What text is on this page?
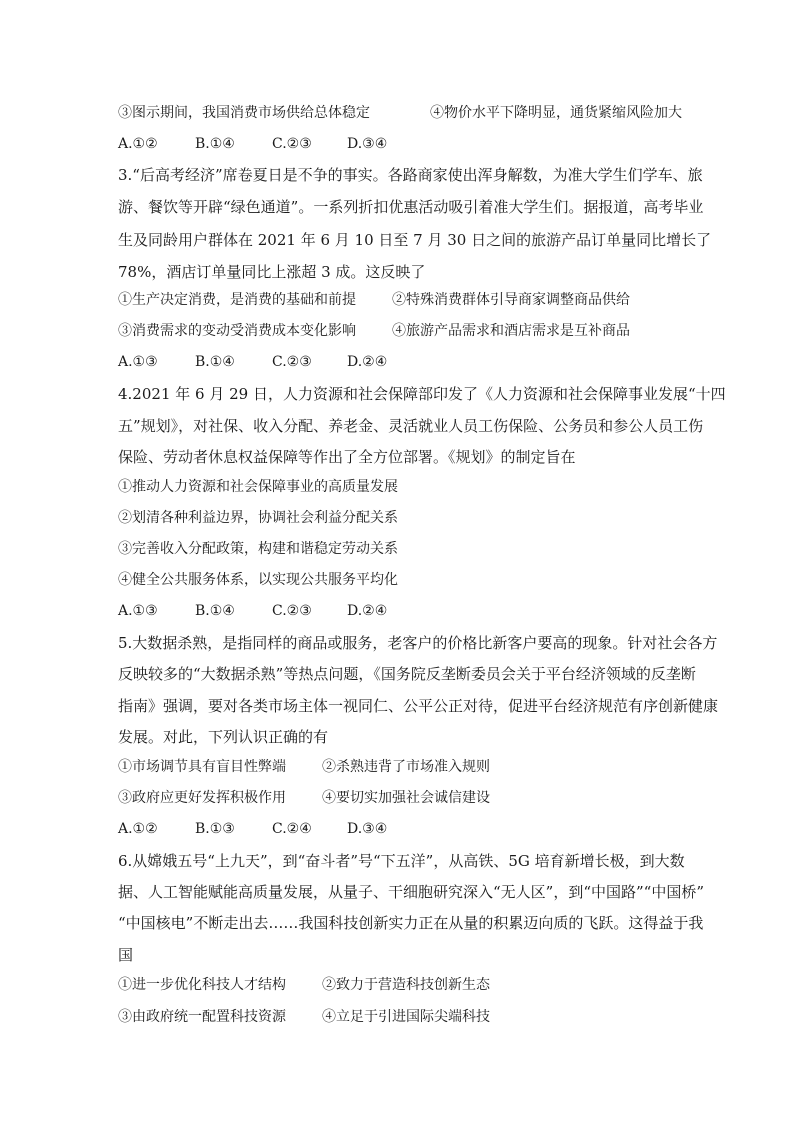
③图示期间，我国消费市场供给总体稳定	④物价水平下降明显，通货紧缩风险加大
A.①②	B.①④	C.②③	D.③④
3.“后高考经济”席卷夏日是不争的事实。各路商家使出浑身解数，为准大学生们学车、旅
游、餐饮等开辟“绿色通道”。一系列折扣优惠活动吸引着准大学生们。据报道，高考毕业
生及同龄用户群体在 2021 年 6 月 10 日至 7 月 30 日之间的旅游产品订单量同比增长了
78%，酒店订单量同比上涨超 3 成。这反映了
①生产决定消费，是消费的基础和前提	②特殊消费群体引导商家调整商品供给
③消费需求的变动受消费成本变化影响	④旅游产品需求和酒店需求是互补商品
A.①③	B.①④	C.②③	D.②④
4.2021 年 6 月 29 日，人力资源和社会保障部印发了《人力资源和社会保障事业发展“十四
五”规划》，对社保、收入分配、养老金、灵活就业人员工伤保险、公务员和参公人员工伤
保险、劳动者休息权益保障等作出了全方位部署。《规划》的制定旨在
①推动人力资源和社会保障事业的高质量发展
②划清各种利益边界，协调社会利益分配关系
③完善收入分配政策，构建和谐稳定劳动关系
④健全公共服务体系，以实现公共服务平均化
A.①③	B.①④	C.②③	D.②④
5.大数据杀熟，是指同样的商品或服务，老客户的价格比新客户要高的现象。针对社会各方
反映较多的“大数据杀熟”等热点问题，《国务院反垄断委员会关于平台经济领域的反垄断
指南》强调，要对各类市场主体一视同仁、公平公正对待，促进平台经济规范有序创新健康
发展。对此，下列认识正确的有
①市场调节具有盲目性弊端	②杀熟违背了市场准入规则
③政府应更好发挥积极作用	④要切实加强社会诚信建设
A.①②	B.①③	C.②④	D.③④
6.从嫦娥五号“上九天”，到“奋斗者”号“下五洋”，从高铁、5G 培育新增长极，到大数
据、人工智能赋能高质量发展，从量子、干细胞研究深入“无人区”，到“中国路”“中国桥”
“中国核电”不断走出去……我国科技创新实力正在从量的积累迈向质的飞跃。这得益于我
国
①进一步优化科技人才结构	②致力于营造科技创新生态
③由政府统一配置科技资源	④立足于引进国际尖端科技
